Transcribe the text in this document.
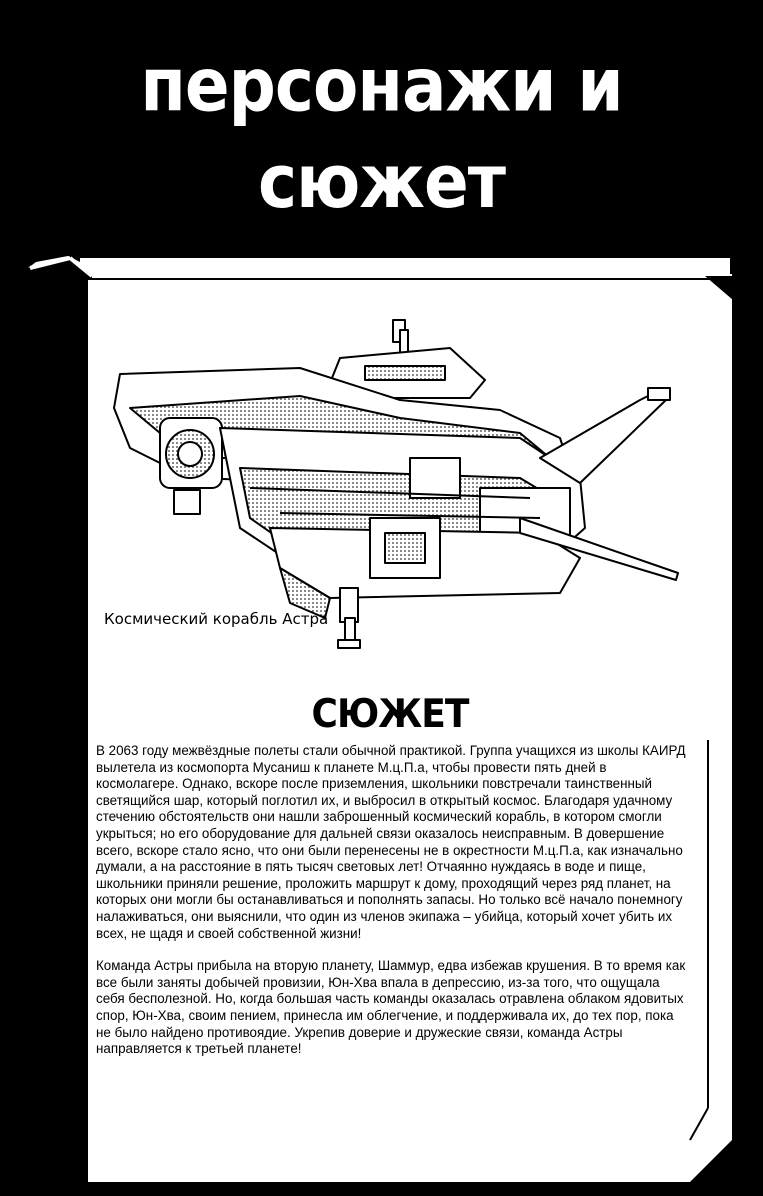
персонажи и
сюжет
Космический корабль Астра
СЮЖЕТ

В 2063 году межвёздные полеты стали обычной практикой. Группа учащихся из школы КАИРД вылетела из космопорта Мусаниш к планете М.ц.П.а, чтобы провести пять дней в космолагере. Однако, вскоре после приземления, школьники повстречали таинственный светящийся шар, который поглотил их, и выбросил в открытый космос. Благодаря удачному стечению обстоятельств они нашли заброшенный космический корабль, в котором смогли укрыться; но его оборудование для дальней связи оказалось неисправным. В довершение всего, вскоре стало ясно, что они были перенесены не в окрестности М.ц.П.а, как изначально думали, а на расстояние в пять тысяч световых лет! Отчаянно нуждаясь в воде и пище, школьники приняли решение, проложить маршрут к дому, проходящий через ряд планет, на которых они могли бы останавливаться и пополнять запасы. Но только всё начало понемногу налаживаться, они выяснили, что один из членов экипажа – убийца, который хочет убить их всех, не щадя и своей собственной жизни!

Команда Астры прибыла на вторую планету, Шаммур, едва избежав крушения. В то время как все были заняты добычей провизии, Юн-Хва впала в депрессию, из-за того, что ощущала себя бесполезной. Но, когда большая часть команды оказалась отравлена облаком ядовитых спор, Юн-Хва, своим пением, принесла им облегчение, и поддерживала их, до тех пор, пока не было найдено противоядие. Укрепив доверие и дружеские связи, команда Астры направляется к третьей планете!
